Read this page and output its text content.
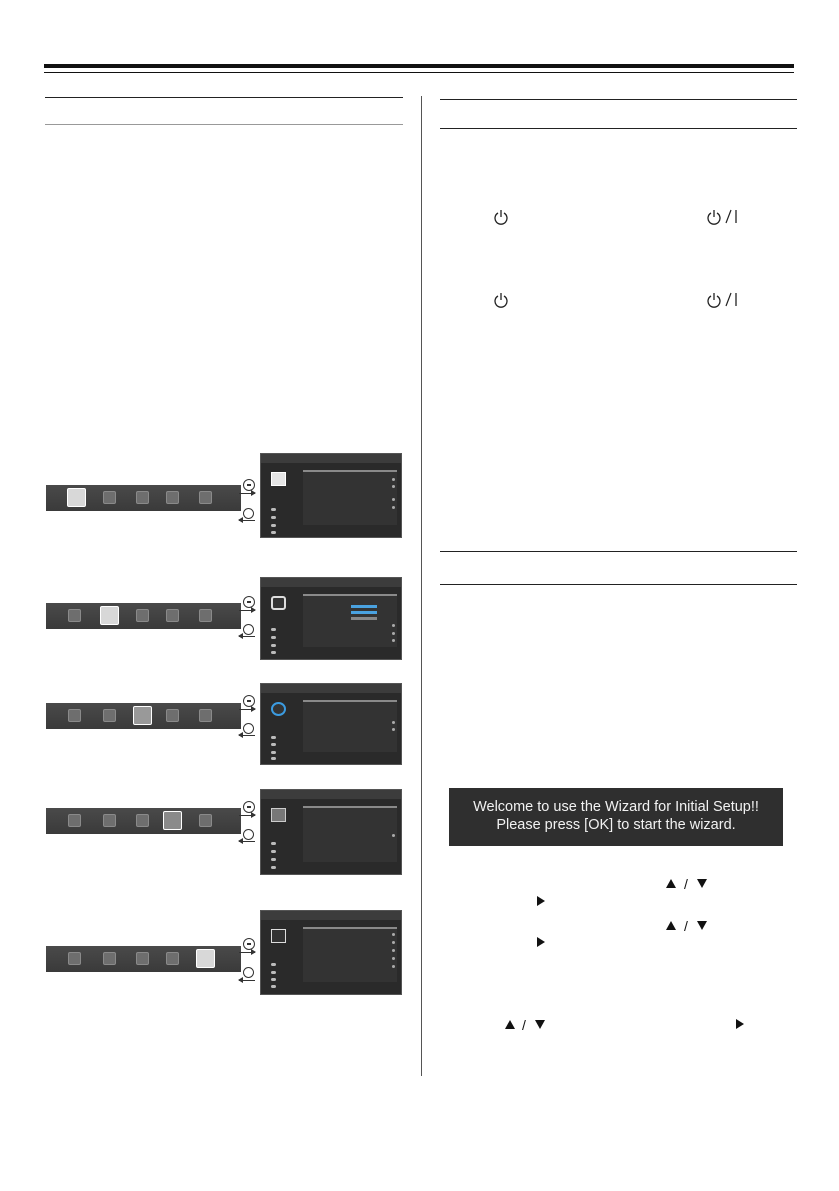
Welcome to use the Wizard for Initial Setup!!
Please press [OK] to start the wizard.
/
/
/
